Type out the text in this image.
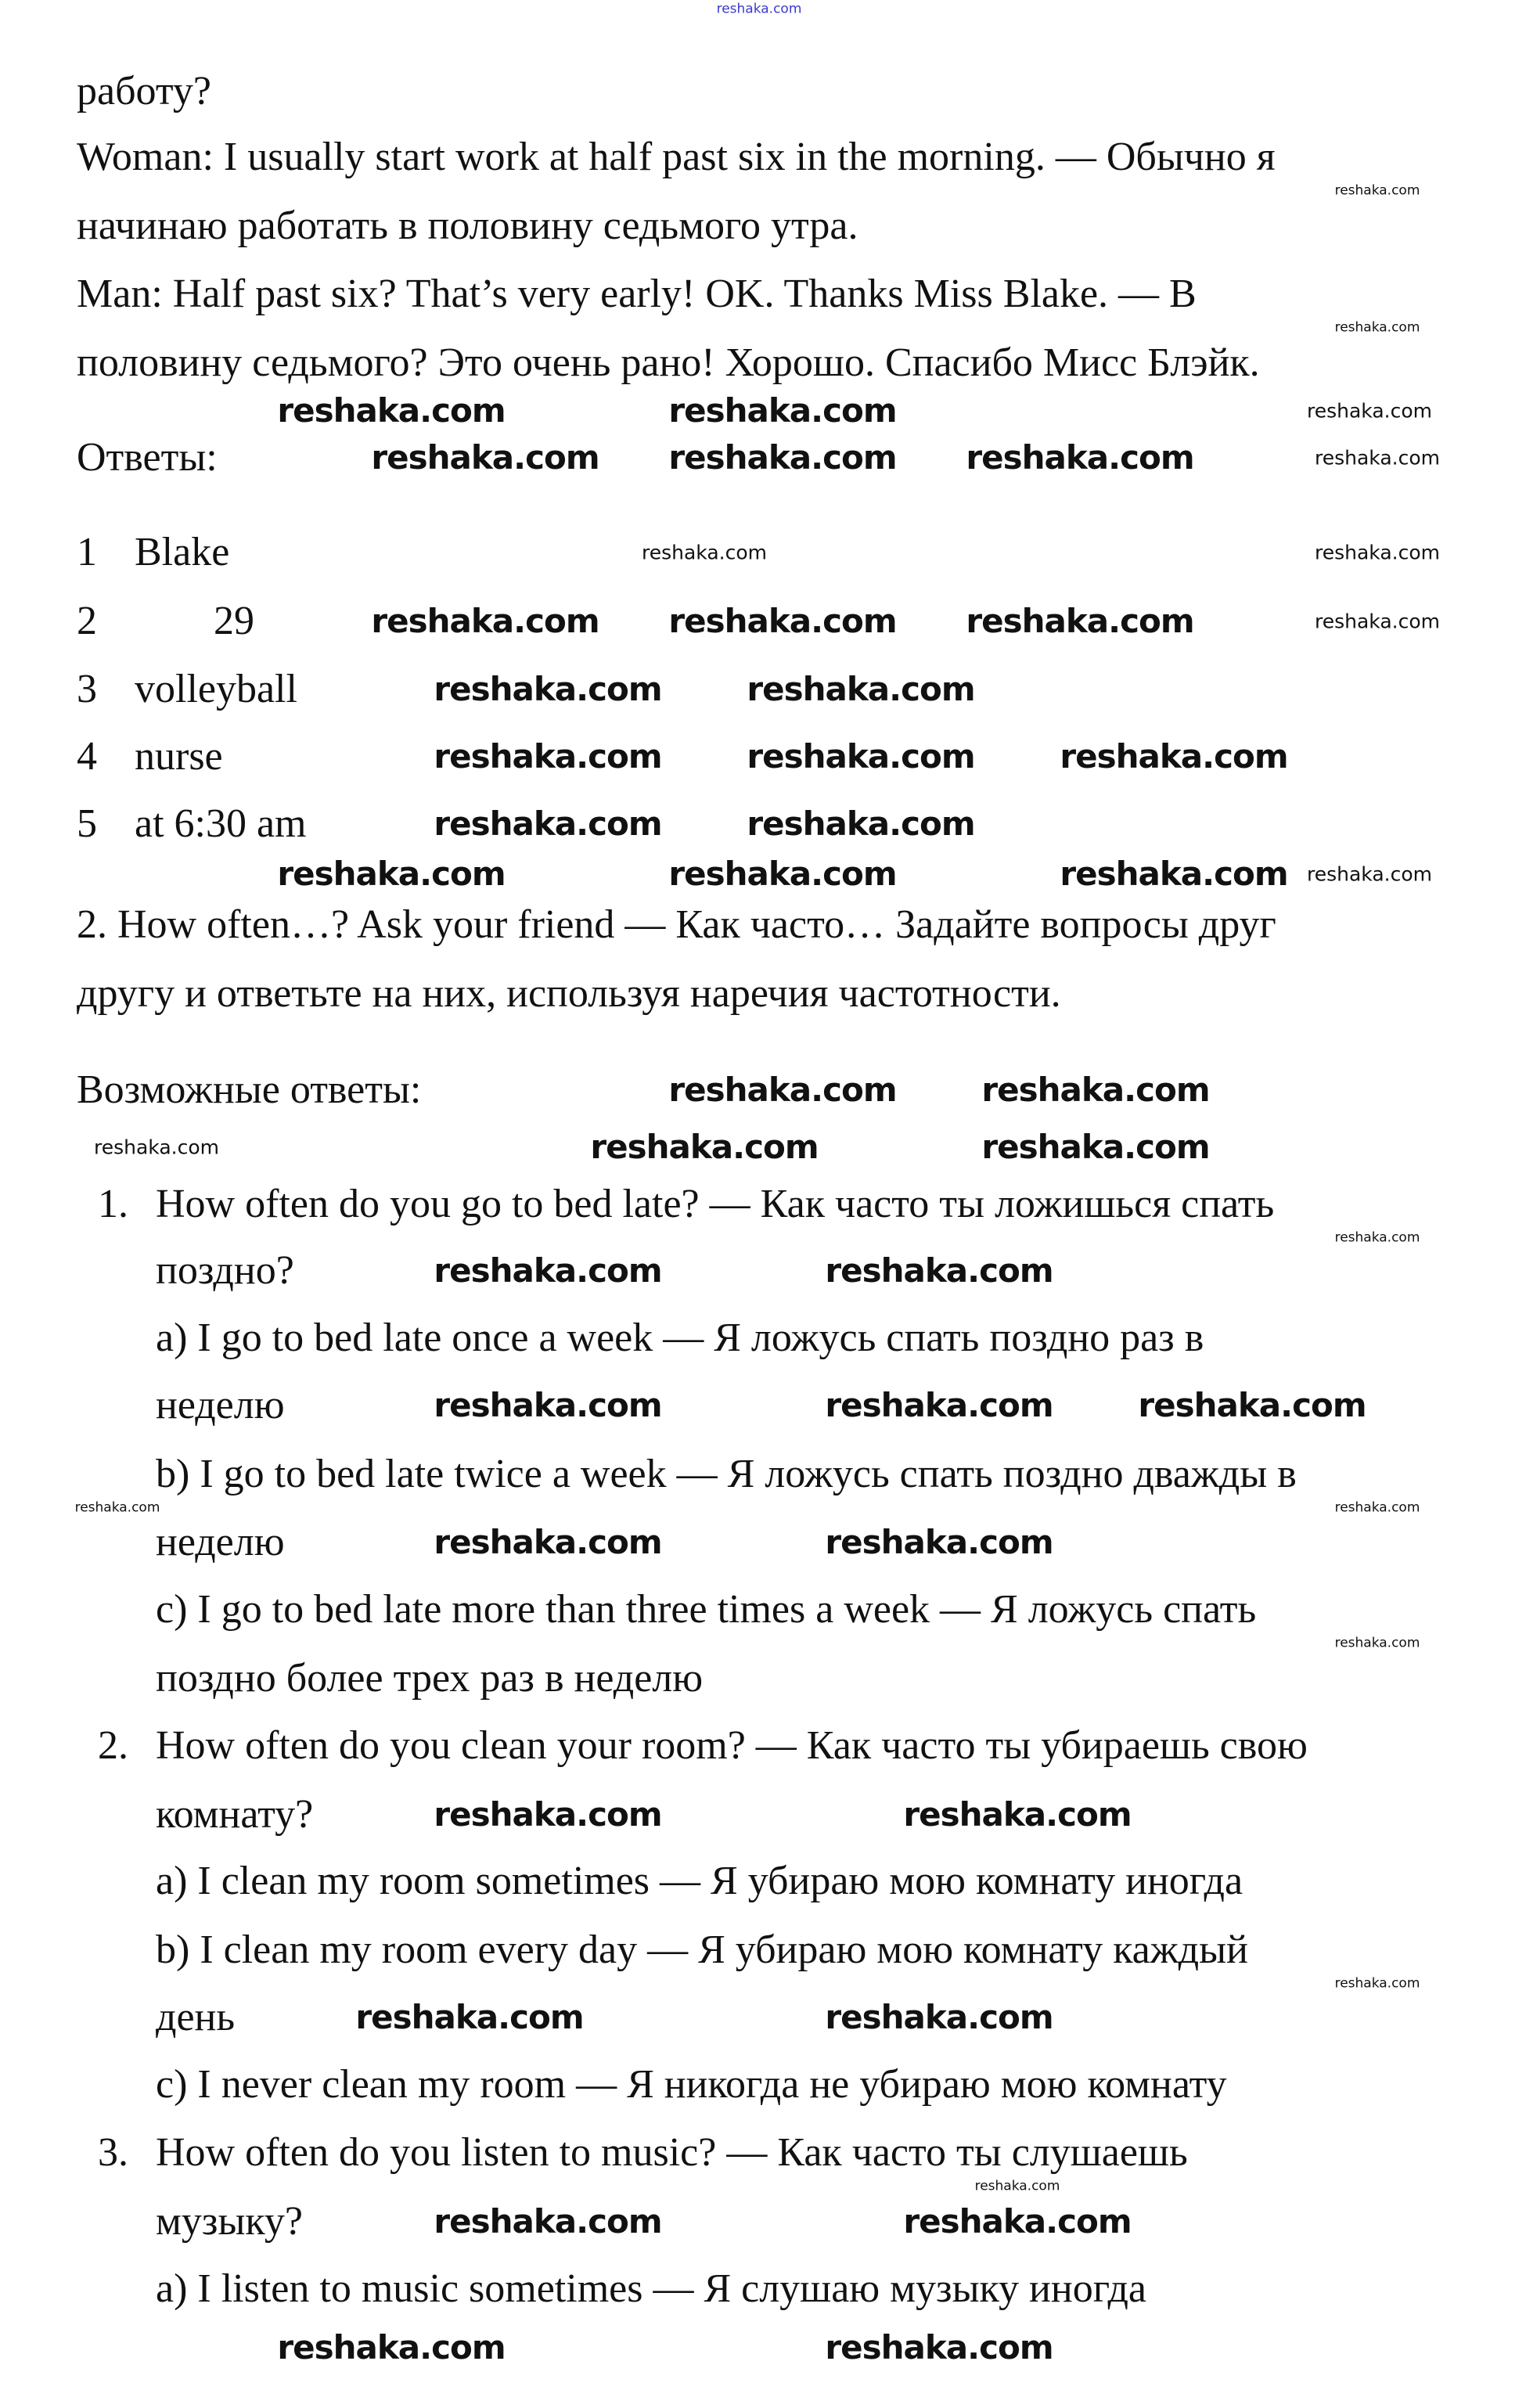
работу?
Woman: I usually start work at half past six in the morning. — Обычно я
начинаю работать в половину седьмого утра.
Man: Half past six? That’s very early! OK. Thanks Miss Blake. — В
половину седьмого? Это очень рано! Хорошо. Спасибо Мисс Блэйк.
Ответы:
1 Blake
2	29
3 volleyball
4 nurse
5 at 6:30 am
2. How often…? Ask your friend — Как часто… Задайте вопросы друг
другу и ответьте на них, используя наречия частотности.
Возможные ответы:
1. How often do you go to bed late? — Как часто ты ложишься спать
поздно?
a) I go to bed late once a week — Я ложусь спать поздно раз в
неделю
b) I go to bed late twice a week — Я ложусь спать поздно дважды в
неделю
c) I go to bed late more than three times a week — Я ложусь спать
поздно более трех раз в неделю
2. How often do you clean your room? — Как часто ты убираешь свою
комнату?
a) I clean my room sometimes — Я убираю мою комнату иногда
b) I clean my room every day — Я убираю мою комнату каждый
день
c) I never clean my room — Я никогда не убираю мою комнату
3. How often do you listen to music? — Как часто ты слушаешь
музыку?
a) I listen to music sometimes — Я слушаю музыку иногда
reshaka.com	reshaka.com
reshaka.com reshaka.com reshaka.com
reshaka.com reshaka.com reshaka.com
reshaka.com	reshaka.com
reshaka.com	reshaka.com	reshaka.com
reshaka.com	reshaka.com
reshaka.com	reshaka.com	reshaka.com
reshaka.com	reshaka.com
reshaka.com	reshaka.com
reshaka.com	reshaka.com
reshaka.com	reshaka.com	reshaka.com
reshaka.com	reshaka.com
reshaka.com	reshaka.com
reshaka.com	reshaka.com
reshaka.com	reshaka.com
reshaka.com	reshaka.com
reshaka.com
reshaka.com
reshaka.com
reshaka.com
reshaka.com	reshaka.com
reshaka.com
reshaka.com
reshaka.com
reshaka.com
reshaka.com	reshaka.com
reshaka.com
reshaka.com
reshaka.com
reshaka.com
